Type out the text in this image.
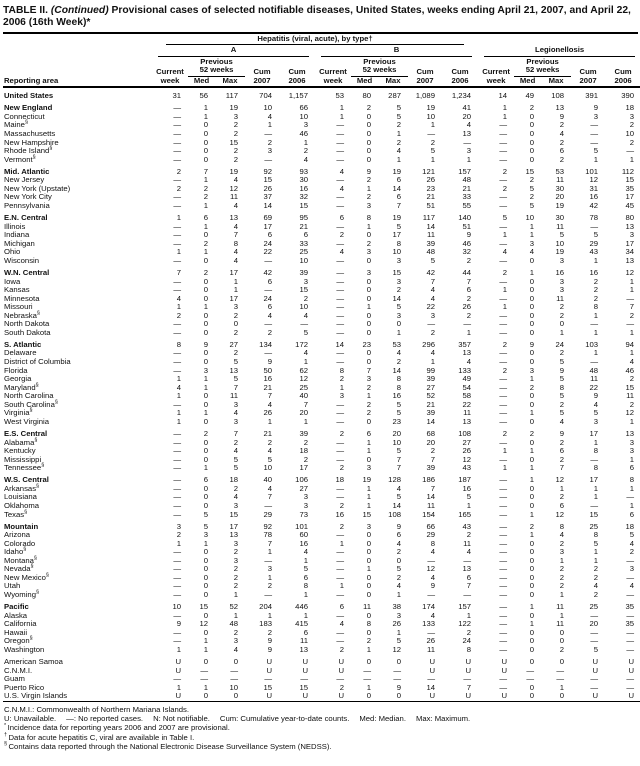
TABLE II. (Continued) Provisional cases of selected notifiable diseases, United States, weeks ending April 21, 2007, and April 22, 2006 (16th Week)*
Reporting area	Hepatitis (viral, acute), by type†														

	A					B					Legionellosis				

	Current
week	Previous
52 weeks		Cum
2007	Cum
2006	Current
week	Previous
52 weeks		Cum
2007	Cum
2006	Current
week	Previous
52 weeks		Cum
2007	Cum
2006
		Med	Max				Med	Max				Med	Max		
United States	31	56	117	704	1,157	53	80	287	1,089	1,234	14	49	108	391	390
New England	—	1	19	10	66	1	2	5	19	41	1	2	13	9	18
Connecticut	—	1	3	4	10	1	0	5	10	20	1	0	9	3	3
Maine§	—	0	2	1	3	—	0	2	1	4	—	0	2	—	2
Massachusetts	—	0	2	—	46	—	0	1	—	13	—	0	4	—	10
New Hampshire	—	0	15	2	1	—	0	2	2	—	—	0	2	—	2
Rhode Island§	—	0	2	3	2	—	0	4	5	3	—	0	6	5	—
Vermont§	—	0	2	—	4	—	0	1	1	1	—	0	2	1	1
Mid. Atlantic	2	7	19	92	93	4	9	19	121	157	2	15	53	101	112
New Jersey	—	1	4	15	30	—	2	6	26	48	—	2	11	12	15
New York (Upstate)	2	2	12	26	16	4	1	14	23	21	2	5	30	31	35
New York City	—	2	11	37	32	—	2	6	21	33	—	2	20	16	17
Pennsylvania	—	1	4	14	15	—	3	7	51	55	—	5	19	42	45
E.N. Central	1	6	13	69	95	6	8	19	117	140	5	10	30	78	80
Illinois	—	1	4	17	21	—	1	5	14	51	—	1	11	—	13
Indiana	—	0	7	6	6	2	0	17	11	9	1	1	5	5	3
Michigan	—	2	8	24	33	—	2	8	39	46	—	3	10	29	17
Ohio	1	1	4	22	25	4	3	10	48	32	4	4	19	43	34
Wisconsin	—	0	4	—	10	—	0	3	5	2	—	0	3	1	13
W.N. Central	7	2	17	42	39	—	3	15	42	44	2	1	16	16	12
Iowa	—	0	1	6	3	—	0	3	7	7	—	0	3	2	1
Kansas	—	0	1	—	15	—	0	2	4	6	1	0	3	2	1
Minnesota	4	0	17	24	2	—	0	14	4	2	—	0	11	2	—
Missouri	1	1	3	6	10	—	1	5	22	26	1	0	2	8	7
Nebraska§	2	0	2	4	4	—	0	3	3	2	—	0	2	1	2
North Dakota	—	0	0	—	—	—	0	0	—	—	—	0	0	—	—
South Dakota	—	0	2	2	5	—	0	1	2	1	—	0	1	1	1
S. Atlantic	8	9	27	134	172	14	23	53	296	357	2	9	24	103	94
Delaware	—	0	2	—	4	—	0	4	4	13	—	0	2	1	1
District of Columbia	—	0	5	9	1	—	0	2	1	4	—	0	5	—	4
Florida	—	3	13	50	62	8	7	14	99	133	2	3	9	48	46
Georgia	1	1	5	16	12	2	3	8	39	49	—	1	5	11	2
Maryland§	4	1	7	21	25	1	2	8	27	54	—	2	8	22	15
North Carolina	1	0	11	7	40	3	1	16	52	58	—	0	5	9	11
South Carolina§	—	0	3	4	7	—	2	5	21	22	—	0	2	4	2
Virginia§	1	1	4	26	20	—	2	5	39	11	—	1	5	5	12
West Virginia	1	0	3	1	1	—	0	23	14	13	—	0	4	3	1
E.S. Central	—	2	7	21	39	2	6	20	68	108	2	2	9	17	13
Alabama§	—	0	2	2	2	—	1	10	20	27	—	0	2	1	3
Kentucky	—	0	4	4	18	—	1	5	2	26	1	1	6	8	3
Mississippi	—	0	5	5	2	—	0	7	7	12	—	0	2	—	1
Tennessee§	—	1	5	10	17	2	3	7	39	43	1	1	7	8	6
W.S. Central	—	6	18	40	106	18	19	128	186	187	—	1	12	17	8
Arkansas§	—	0	2	4	27	—	1	4	7	16	—	0	1	1	1
Louisiana	—	0	4	7	3	—	1	5	14	5	—	0	2	1	—
Oklahoma	—	0	3	—	3	2	1	14	11	1	—	0	6	—	1
Texas§	—	5	15	29	73	16	15	108	154	165	—	1	12	15	6
Mountain	3	5	17	92	101	2	3	9	66	43	—	2	8	25	18
Arizona	2	3	13	78	60	—	0	6	29	2	—	1	4	8	5
Colorado	1	1	3	7	16	1	0	4	8	11	—	0	2	5	4
Idaho§	—	0	2	1	4	—	0	2	4	4	—	0	3	1	2
Montana§	—	0	3	—	1	—	0	0	—	—	—	0	1	1	—
Nevada§	—	0	2	3	5	—	1	5	12	13	—	0	2	2	3
New Mexico§	—	0	2	1	6	—	0	2	4	6	—	0	2	2	—
Utah	—	0	2	2	8	1	0	4	9	7	—	0	2	4	4
Wyoming§	—	0	1	—	1	—	0	1	—	—	—	0	1	2	—
Pacific	10	15	52	204	446	6	11	38	174	157	—	1	11	25	35
Alaska	—	0	1	1	1	—	0	3	4	1	—	0	1	—	—
California	9	12	48	183	415	4	8	26	133	122	—	1	11	20	35
Hawaii	—	0	2	2	6	—	0	1	—	2	—	0	0	—	—
Oregon§	—	1	3	9	11	—	2	5	26	24	—	0	0	—	—
Washington	1	1	4	9	13	2	1	12	11	8	—	0	2	5	—
American Samoa	U	0	0	U	U	U	0	0	U	U	U	0	0	U	U
C.N.M.I.	U	—	—	U	U	U	—	—	U	U	U	—	—	U	U
Guam	—	—	—	—	—	—	—	—	—	—	—	—	—	—	—
Puerto Rico	1	1	10	15	15	2	1	9	14	7	—	0	1	—	—
U.S. Virgin Islands	U	0	0	U	U	U	0	0	U	U	U	0	0	U	U
C.N.M.I.: Commonwealth of Northern Mariana Islands.
U: Unavailable. —: No reported cases. N: Not notifiable. Cum: Cumulative year-to-date counts. Med: Median. Max: Maximum.
* Incidence data for reporting years 2006 and 2007 are provisional.
† Data for acute hepatitis C, viral are available in Table I.
§ Contains data reported through the National Electronic Disease Surveillance System (NEDSS).
